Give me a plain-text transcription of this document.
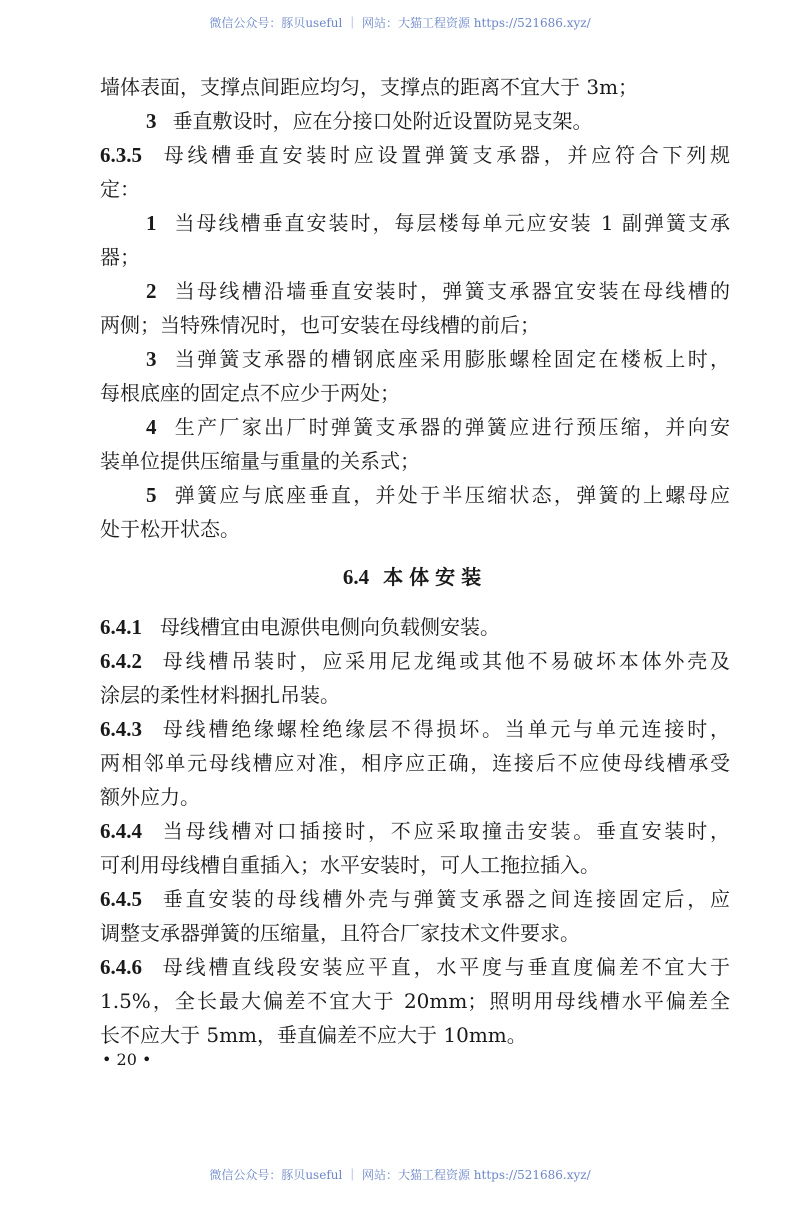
微信公众号：豚贝useful ｜ 网站：大猫工程资源 https://521686.xyz/
墙体表面，支撑点间距应均匀，支撑点的距离不宜大于 3m；
3 垂直敷设时，应在分接口处附近设置防晃支架。
6.3.5 母线槽垂直安装时应设置弹簧支承器，并应符合下列规
定：
1 当母线槽垂直安装时，每层楼每单元应安装 1 副弹簧支承
器；
2 当母线槽沿墙垂直安装时，弹簧支承器宜安装在母线槽的
两侧；当特殊情况时，也可安装在母线槽的前后；
3 当弹簧支承器的槽钢底座采用膨胀螺栓固定在楼板上时，
每根底座的固定点不应少于两处；
4 生产厂家出厂时弹簧支承器的弹簧应进行预压缩，并向安
装单位提供压缩量与重量的关系式；
5 弹簧应与底座垂直，并处于半压缩状态，弹簧的上螺母应
处于松开状态。
6.4 本体安装
6.4.1 母线槽宜由电源供电侧向负载侧安装。
6.4.2 母线槽吊装时，应采用尼龙绳或其他不易破坏本体外壳及
涂层的柔性材料捆扎吊装。
6.4.3 母线槽绝缘螺栓绝缘层不得损坏。当单元与单元连接时，
两相邻单元母线槽应对准，相序应正确，连接后不应使母线槽承受
额外应力。
6.4.4 当母线槽对口插接时，不应采取撞击安装。垂直安装时，
可利用母线槽自重插入；水平安装时，可人工拖拉插入。
6.4.5 垂直安装的母线槽外壳与弹簧支承器之间连接固定后，应
调整支承器弹簧的压缩量，且符合厂家技术文件要求。
6.4.6 母线槽直线段安装应平直，水平度与垂直度偏差不宜大于
1.5%，全长最大偏差不宜大于 20mm；照明用母线槽水平偏差全
长不应大于 5mm，垂直偏差不应大于 10mm。
• 20 •
微信公众号：豚贝useful ｜ 网站：大猫工程资源 https://521686.xyz/
